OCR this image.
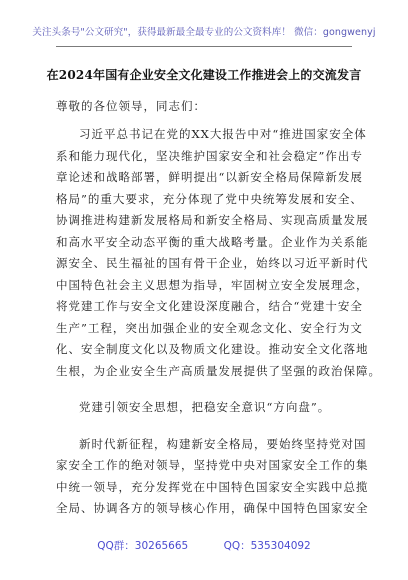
关注头条号"公文研究"，获得最新最全最专业的公文资料库！ 微信：gongwenyj
在2024年国有企业安全文化建设工作推进会上的交流发言
尊敬的各位领导，同志们：
习近平总书记在党的XX大报告中对“推进国家安全体
系和能力现代化，坚决维护国家安全和社会稳定”作出专
章论述和战略部署，鲜明提出“以新安全格局保障新发展
格局”的重大要求，充分体现了党中央统筹发展和安全、
协调推进构建新发展格局和新安全格局、实现高质量发展
和高水平安全动态平衡的重大战略考量。企业作为关系能
源安全、民生福祉的国有骨干企业，始终以习近平新时代
中国特色社会主义思想为指导，牢固树立安全发展理念，
将党建工作与安全文化建设深度融合，结合“党建十安全
生产”工程，突出加强企业的安全观念文化、安全行为文
化、安全制度文化以及物质文化建设。推动安全文化落地
生根，为企业安全生产高质量发展提供了坚强的政治保障。
党建引领安全思想，把稳安全意识“方向盘”。
新时代新征程，构建新安全格局，要始终坚持党对国
家安全工作的绝对领导，坚持党中央对国家安全工作的集
中统一领导，充分发挥党在中国特色国家安全实践中总揽
全局、协调各方的领导核心作用，确保中国特色国家安全
QQ群：30265665	QQ：535304092
